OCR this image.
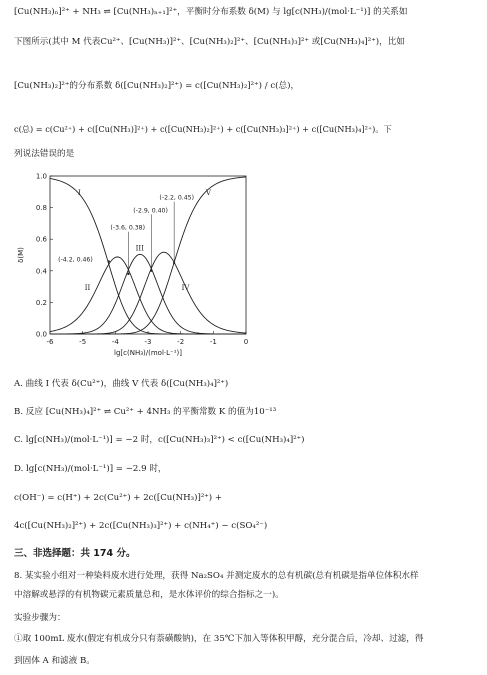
[Cu(NH₃)ₙ]²⁺ + NH₃ ⇌ [Cu(NH₃)ₙ₊₁]²⁺，平衡时分布系数 δ(M) 与 lg[c(NH₃)/(mol·L⁻¹)] 的关系如
下图所示(其中 M 代表Cu²⁺、[Cu(NH₃)]²⁺、[Cu(NH₃)₂]²⁺、[Cu(NH₃)₃]²⁺ 或[Cu(NH₃)₄]²⁺)，比如
[Cu(NH₃)₂]²⁺的分布系数 δ([Cu(NH₃)₂]²⁺) = c([Cu(NH₃)₂]²⁺) / c(总)，
c(总) = c(Cu²⁺) + c([Cu(NH₃)]²⁺) + c([Cu(NH₃)₂]²⁺) + c([Cu(NH₃)₃]²⁺) + c([Cu(NH₃)₄]²⁺)。下
列说法错误的是
-6	-5	-4	-3	-2	-1	0
0.0
0.2
0.4
0.6
0.8
1.0
lg[c(NH₃)/(mol·L⁻¹)]
δ(M)
I
II
III
IV
V
(-4.2, 0.46)
(-3.6, 0.38)
(-2.9, 0.40)
(-2.2, 0.45)
A. 曲线 I 代表 δ(Cu²⁺)，曲线 V 代表 δ([Cu(NH₃)₄]²⁺)
B. 反应 [Cu(NH₃)₄]²⁺ ⇌ Cu²⁺ + 4NH₃ 的平衡常数 K 的值为10⁻¹³
C. lg[c(NH₃)/(mol·L⁻¹)] = −2 时，c([Cu(NH₃)₃]²⁺) < c([Cu(NH₃)₄]²⁺)
D. lg[c(NH₃)/(mol·L⁻¹)] = −2.9 时，
c(OH⁻) = c(H⁺) + 2c(Cu²⁺) + 2c([Cu(NH₃)]²⁺) +
4c([Cu(NH₃)₂]²⁺) + 2c([Cu(NH₃)₃]²⁺) + c(NH₄⁺) − c(SO₄²⁻)
三、非选择题：共 174 分。
8. 某实验小组对一种染料废水进行处理，获得 Na₂SO₄ 并测定废水的总有机碳(总有机碳是指单位体积水样
中溶解或悬浮的有机物碳元素质量总和，是水体评价的综合指标之一)。
实验步骤为：
①取 100mL 废水(假定有机成分只有萘磺酸钠)，在 35℃下加入等体积甲醇，充分混合后，冷却、过滤，得
到固体 A 和滤液 B。
